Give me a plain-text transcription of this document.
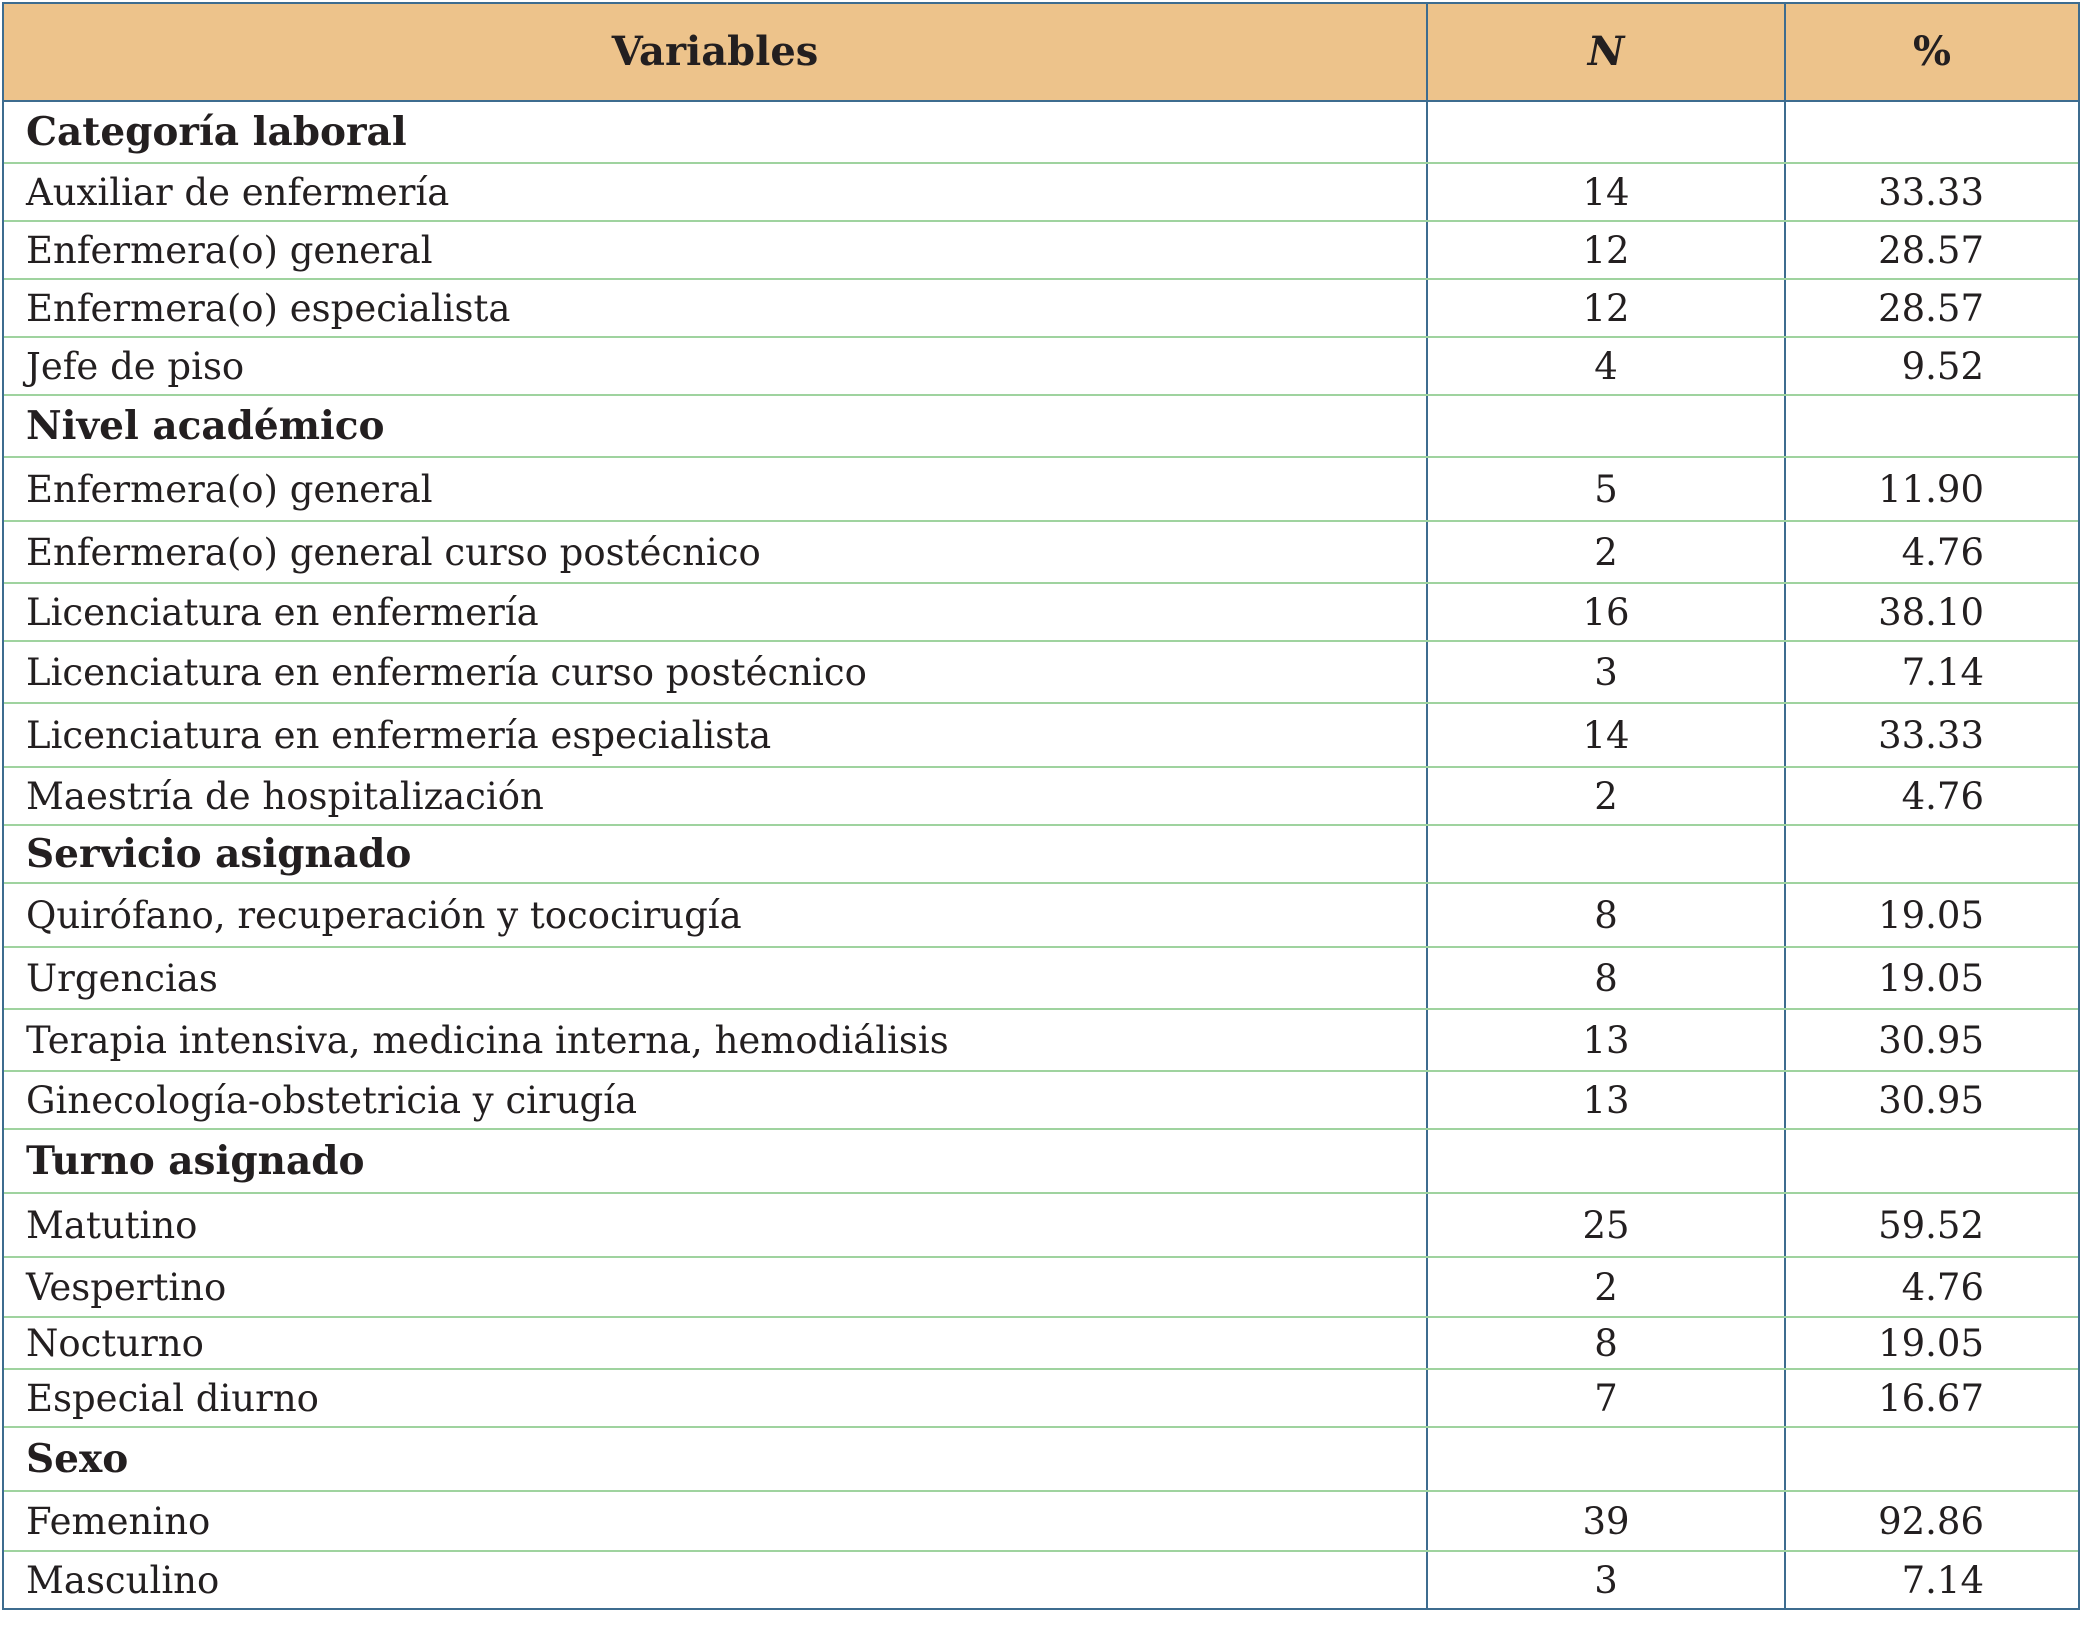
Variables	N	%
Categoría laboral
Auxiliar de enfermería	14	33.33
Enfermera(o) general	12	28.57
Enfermera(o) especialista	12	28.57
Jefe de piso	4	9.52
Nivel académico
Enfermera(o) general	5	11.90
Enfermera(o) general curso postécnico	2	4.76
Licenciatura en enfermería	16	38.10
Licenciatura en enfermería curso postécnico	3	7.14
Licenciatura en enfermería especialista	14	33.33
Maestría de hospitalización	2	4.76
Servicio asignado
Quirófano, recuperación y tococirugía	8	19.05
Urgencias	8	19.05
Terapia intensiva, medicina interna, hemodiálisis	13	30.95
Ginecología-obstetricia y cirugía	13	30.95
Turno asignado
Matutino	25	59.52
Vespertino	2	4.76
Nocturno	8	19.05
Especial diurno	7	16.67
Sexo
Femenino	39	92.86
Masculino	3	7.14
